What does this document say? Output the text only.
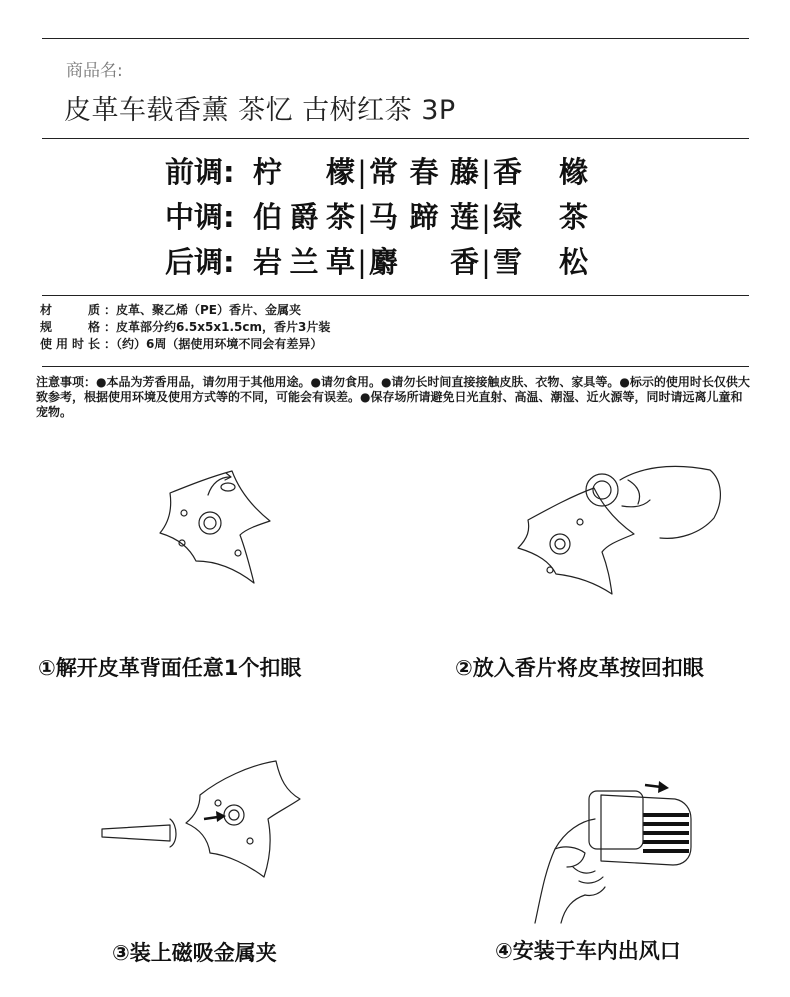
商品名:
皮革车载香薰 茶忆 古树红茶 3P
前调: 柠檬 | 常春藤 | 香橼
中调: 伯爵茶 | 马蹄莲 | 绿茶
后调: 岩兰草 | 麝香 | 雪松
材质 ：皮革、聚乙烯（PE）香片、金属夹
规格 ：皮革部分约6.5x5x1.5cm，香片3片装
使用时长 ：（约）6周（据使用环境不同会有差异）
注意事项：●本品为芳香用品，请勿用于其他用途。●请勿食用。●请勿长时间直接接触皮肤、衣物、家具等。●标示的使用时长仅供大致参考，根据使用环境及使用方式等的不同，可能会有误差。●保存场所请避免日光直射、高温、潮湿、近火源等，同时请远离儿童和宠物。
①解开皮革背面任意1个扣眼	②放入香片将皮革按回扣眼
③装上磁吸金属夹	④安装于车内出风口
